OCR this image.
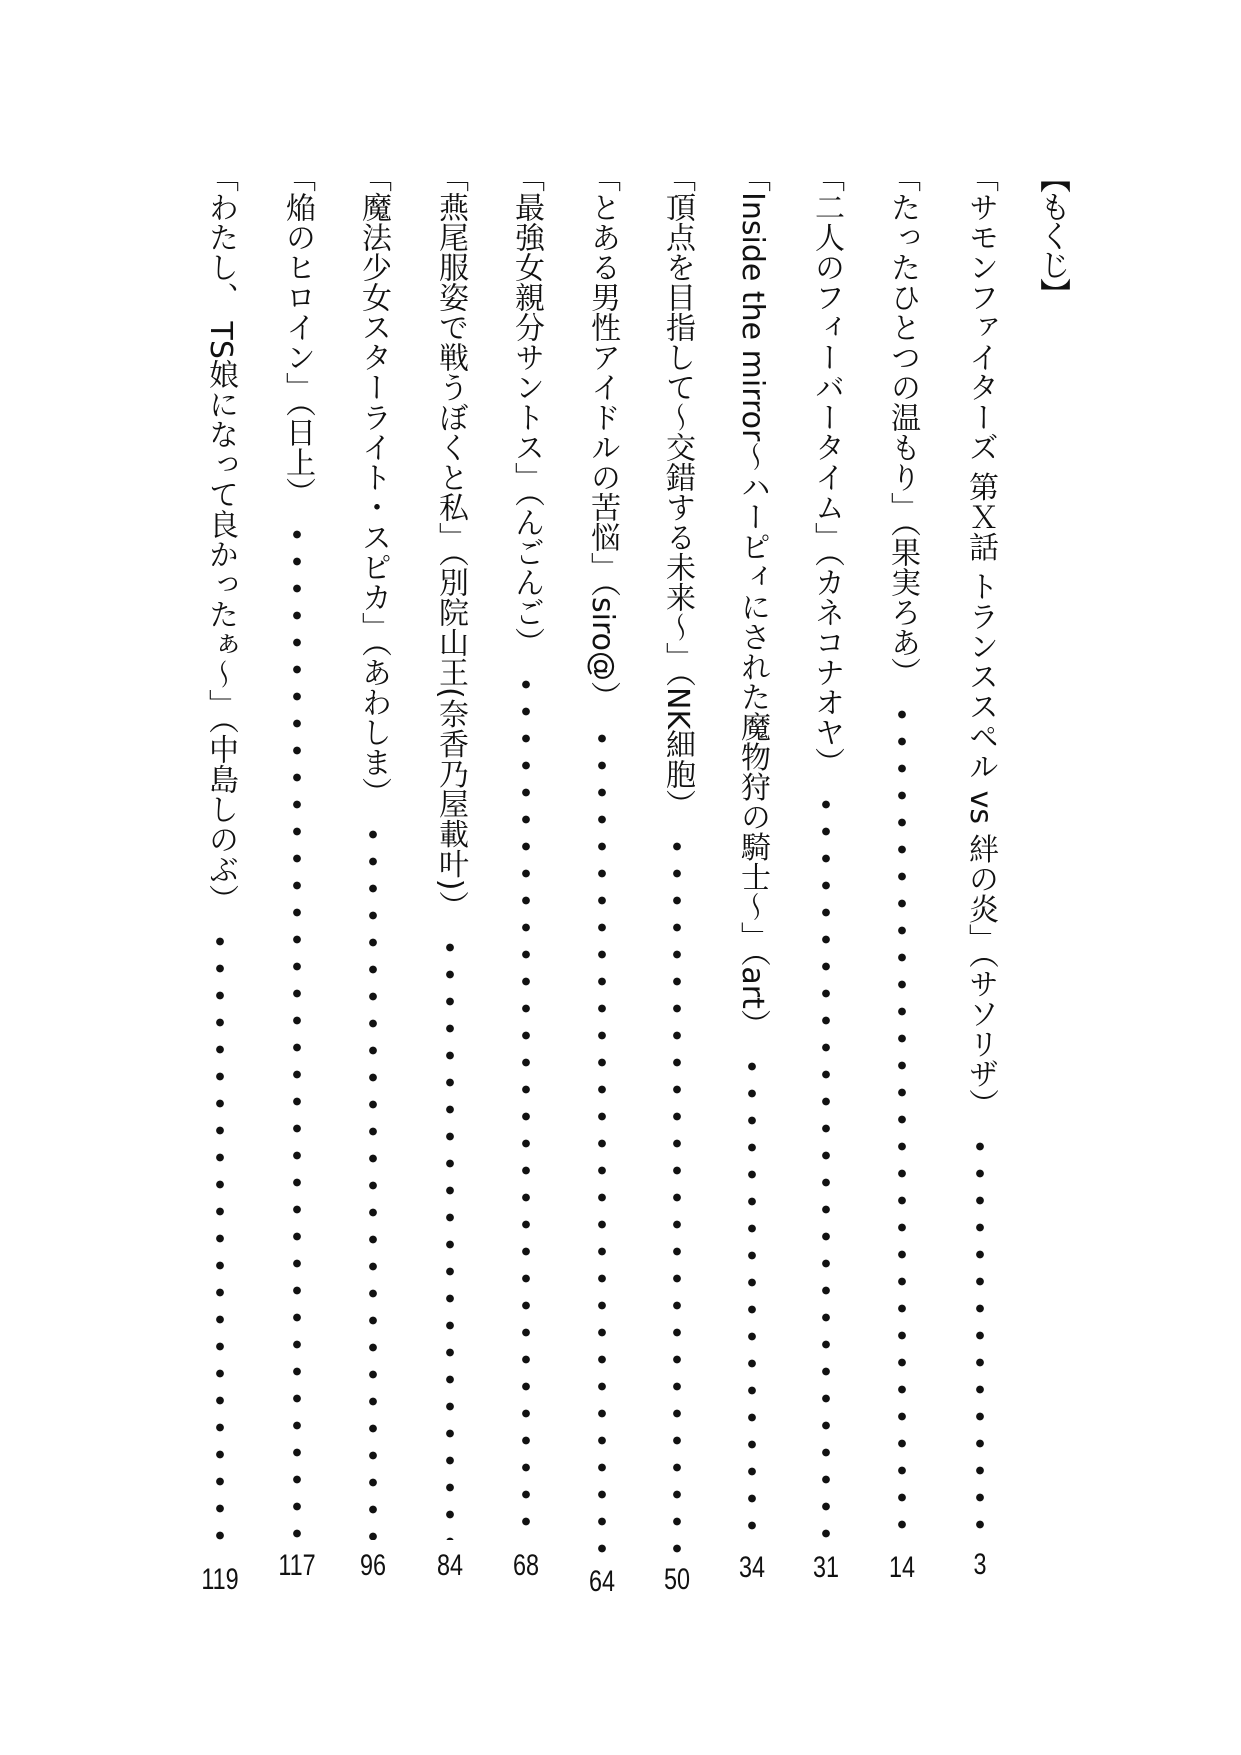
【もくじ】
「サモンファイターズ 第Ｘ話 トランススペル vs 絆の炎」（サソリザ）
3
「たったひとつの温もり」（果実ろあ）
14
「二人のフィーバータイム」（カネコナオヤ）
31
「Inside the mirror～ハーピィにされた魔物狩の騎士～」（art）
34
「頂点を目指して～交錯する未来～」（NK細胞）
50
「とある男性アイドルの苦悩」（siro@）
64
「最強女親分サントス」（んごんご）
68
「燕尾服姿で戦うぼくと私」（別院山王(奈香乃屋載叶)）
84
「魔法少女スターライト・スピカ」（あわしま）
96
「焔のヒロイン」（日上）
117
「わたし、 TS娘になって良かったぁ～」（中島しのぶ）
119
